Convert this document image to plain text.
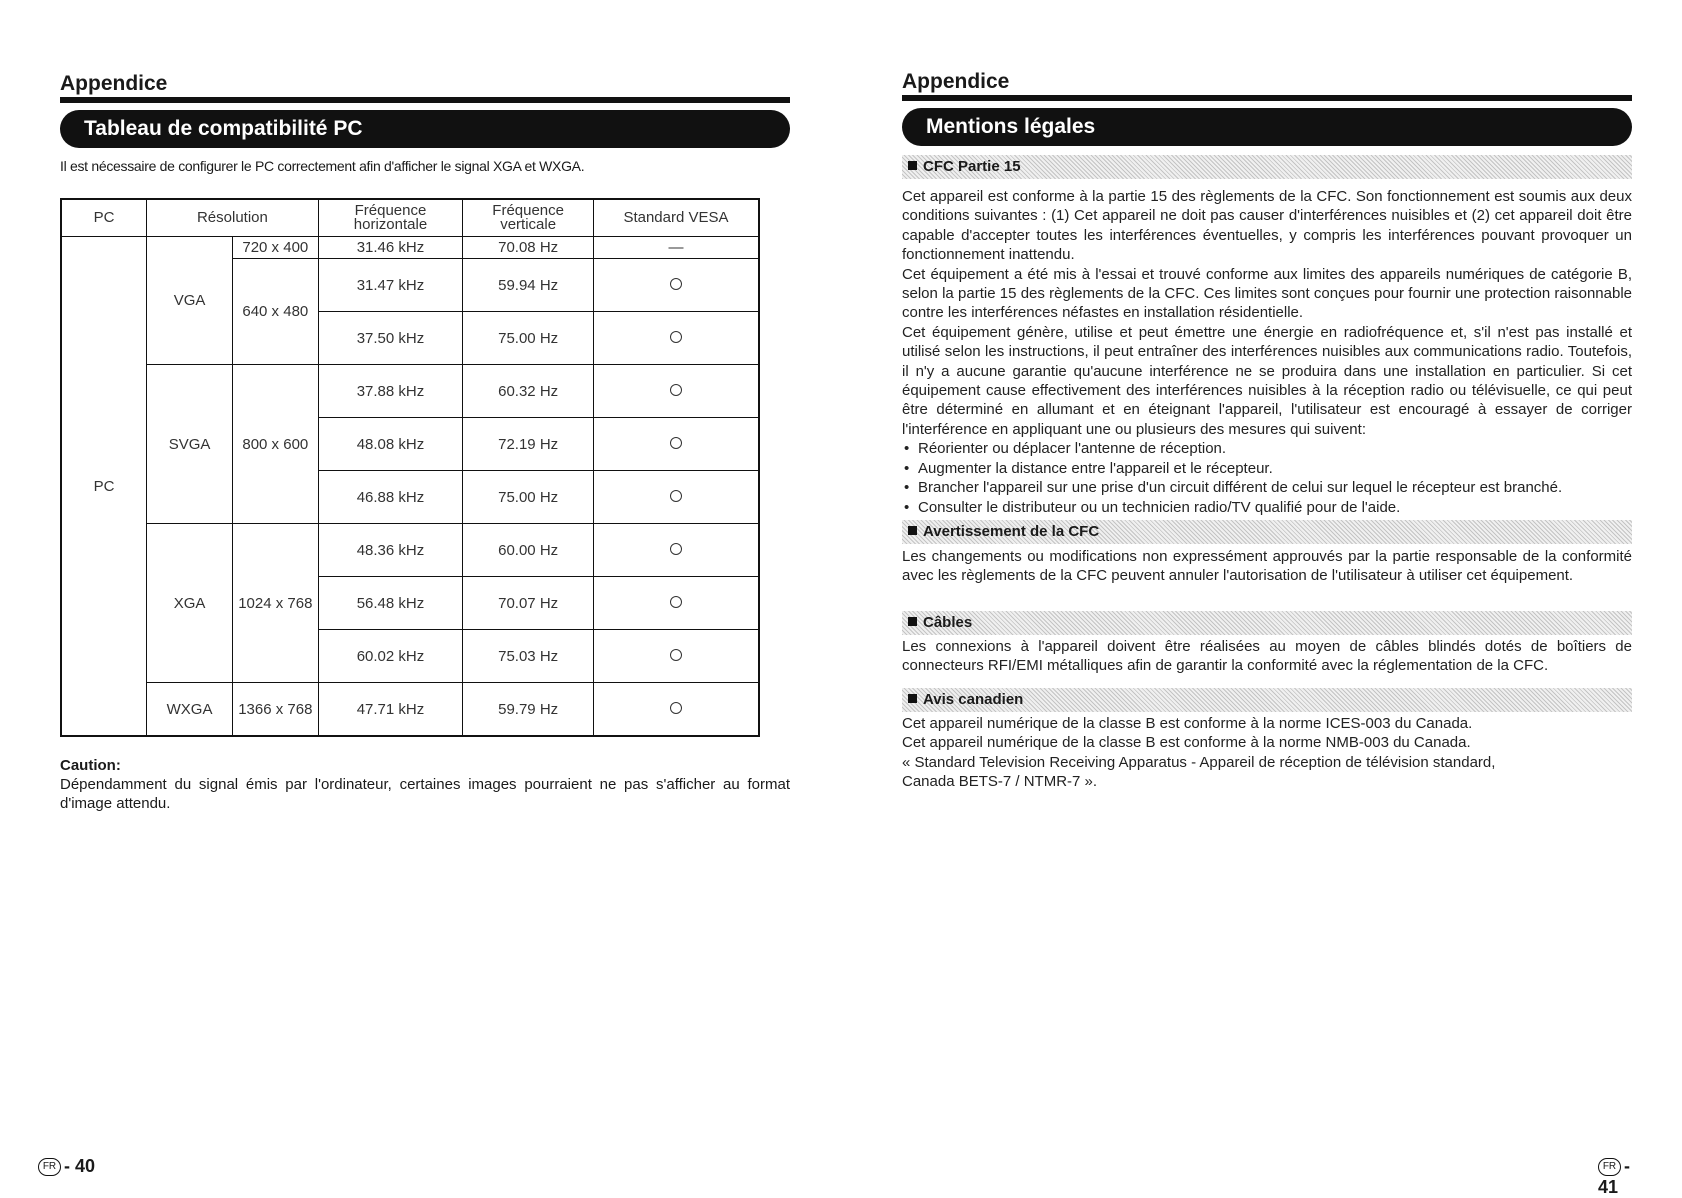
Appendice
Tableau de compatibilité PC
Il est nécessaire de configurer le PC correctement afin d'afficher le signal XGA et WXGA.
PC	Résolution		Fréquence horizontale	Fréquence verticale	Standard VESA
PC	VGA	720 x 400	31.46 kHz	70.08 Hz	—
		640 x 480	31.47 kHz	59.94 Hz	
			37.50 kHz	75.00 Hz	
	SVGA	800 x 600	37.88 kHz	60.32 Hz	
			48.08 kHz	72.19 Hz	
			46.88 kHz	75.00 Hz	
	XGA	1024 x 768	48.36 kHz	60.00 Hz	
			56.48 kHz	70.07 Hz	
			60.02 kHz	75.03 Hz	
	WXGA	1366 x 768	47.71 kHz	59.79 Hz	
Caution:
Dépendamment du signal émis par l'ordinateur, certaines images pourraient ne pas s'afficher au format d'image attendu.
FR - 40
Appendice
Mentions légales
CFC Partie 15

Cet appareil est conforme à la partie 15 des règlements de la CFC. Son fonctionnement est soumis aux deux conditions suivantes : (1) Cet appareil ne doit pas causer d'interférences nuisibles et (2) cet appareil doit être capable d'accepter toutes les interférences éventuelles, y compris les interférences pouvant provoquer un fonctionnement inattendu.

Cet équipement a été mis à l'essai et trouvé conforme aux limites des appareils numériques de catégorie B, selon la partie 15 des règlements de la CFC. Ces limites sont conçues pour fournir une protection raisonnable contre les interférences néfastes en installation résidentielle.

Cet équipement génère, utilise et peut émettre une énergie en radiofréquence et, s'il n'est pas installé et utilisé selon les instructions, il peut entraîner des interférences nuisibles aux communications radio. Toutefois, il n'y a aucune garantie qu'aucune interférence ne se produira dans une installation en particulier. Si cet équipement cause effectivement des interférences nuisibles à la réception radio ou télévisuelle, ce qui peut être déterminé en allumant et en éteignant l'appareil, l'utilisateur est encouragé à essayer de corriger l'interférence en appliquant une ou plusieurs des mesures qui suivent:

• Réorienter ou déplacer l'antenne de réception.
• Augmenter la distance entre l'appareil et le récepteur.
• Brancher l'appareil sur une prise d'un circuit différent de celui sur lequel le récepteur est branché.
• Consulter le distributeur ou un technicien radio/TV qualifié pour de l'aide.
Avertissement de la CFC
Les changements ou modifications non expressément approuvés par la partie responsable de la conformité avec les règlements de la CFC peuvent annuler l'autorisation de l'utilisateur à utiliser cet équipement.
Câbles
Les connexions à l'appareil doivent être réalisées au moyen de câbles blindés dotés de boîtiers de connecteurs RFI/EMI métalliques afin de garantir la conformité avec la réglementation de la CFC.
Avis canadien

Cet appareil numérique de la classe B est conforme à la norme ICES-003 du Canada.

Cet appareil numérique de la classe B est conforme à la norme NMB-003 du Canada.

« Standard Television Receiving Apparatus - Appareil de réception de télévision standard,

Canada BETS-7 / NTMR-7 ».

FR - 41
